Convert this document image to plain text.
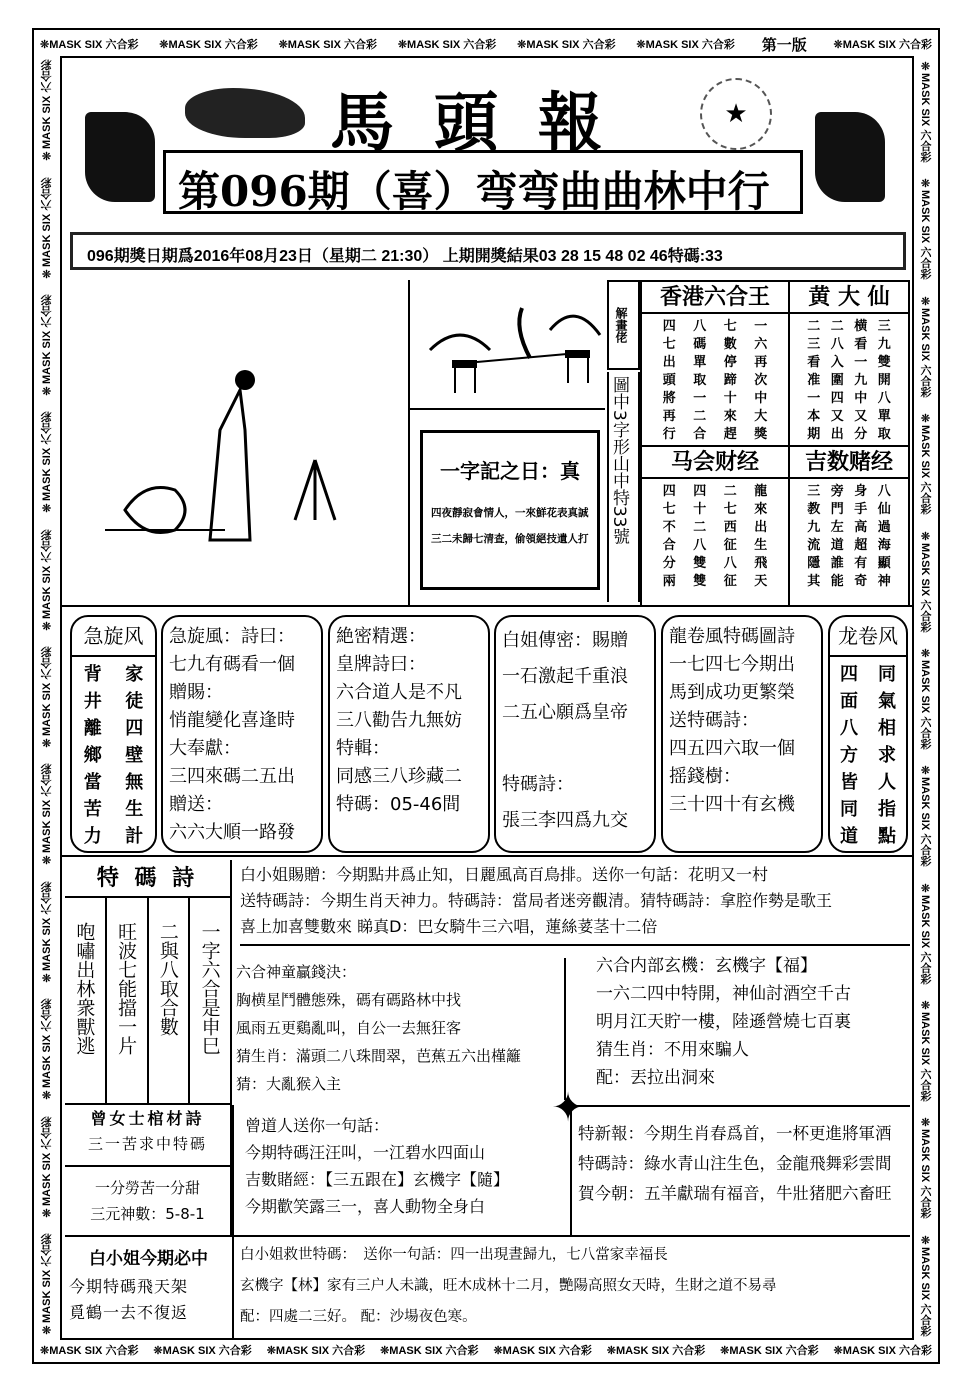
❊MASK SIX 六合彩 ❊MASK SIX 六合彩 ❊MASK SIX 六合彩 ❊MASK SIX 六合彩 ❊MASK SIX 六合彩 ❊MASK SIX 六合彩	第一版	❊MASK SIX 六合彩
❊MASK SIX 六合彩 ❊MASK SIX 六合彩 ❊MASK SIX 六合彩 ❊MASK SIX 六合彩 ❊MASK SIX 六合彩 ❊MASK SIX 六合彩 ❊MASK SIX 六合彩 ❊MASK SIX 六合彩
❊MASK SIX 六合彩
❊MASK SIX 六合彩
❊MASK SIX 六合彩
❊MASK SIX 六合彩
❊MASK SIX 六合彩
❊MASK SIX 六合彩
❊MASK SIX 六合彩
❊MASK SIX 六合彩
❊MASK SIX 六合彩
❊MASK SIX 六合彩
❊MASK SIX 六合彩	❊MASK SIX 六合彩
❊MASK SIX 六合彩
❊MASK SIX 六合彩
❊MASK SIX 六合彩
❊MASK SIX 六合彩
❊MASK SIX 六合彩
❊MASK SIX 六合彩
❊MASK SIX 六合彩
❊MASK SIX 六合彩
❊MASK SIX 六合彩
❊MASK SIX 六合彩
馬頭報	★
第096期（喜）弯弯曲曲林中行
096期獎日期爲2016年08月23日（星期二 21:30） 上期開獎結果03 28 15 48 02 46特碼:33
一字記之日：真
四夜靜寂會情人，一來鮮花表真誠
三二未歸七清查，偷領絕技遺人打
解畫佬
圖中3字形山中特33號
香港六合王
四	八	七	一
七	碼	數	六
出	單	停	再
頭	取	蹄	次
將	一	十	中
再	二	來	大
行	合	趕	獎
黄 大 仙
二 二 横 三
三 八 看 九
看 入 一 雙
准 圍 九 開
一 四 中 八
本 又 又 單
期 出 分 取
马会财经
四	四	二	龍
七	十	七	來
不	二	西	出
合	八	征	生
分	雙	八	飛
兩	雙	征	天
吉数赌经
三 旁 身 八
教 門 手 仙
九 左 高 過
流 道 超 海
隱 誰 有 顯
其 能 奇 神
急旋风
背	家
井	徒
離	四
鄉	壁
當	無
苦	生
力	計
急旋風：詩曰：
七九有碼看一個
贈賜：
悄龍變化喜逢時
大奉獻：
三四來碼二五出
贈送：
六六大順一路發
絶密精選：
皇牌詩曰：
六合道人是不凡
三八勸告九無妨
特輯：
同感三八珍藏二
特碼：05-46間
白姐傳密：賜贈
一石激起千重浪
二五心願爲皇帝
特碼詩：
張三李四爲九交
龍卷風特碼圖詩
一七四七今期出
馬到成功更繁榮
送特碼詩：
四五四六取一個
摇錢樹：
三十四十有玄機
龙卷风
四	同
面	氣
八	相
方	求
皆	人
同	指
道	點
特 碼 詩
一字六合是申巳
二與八取合數
旺波七能擋一片
咆嘯出林衆獸逃
白小姐賜贈：今期點井爲止知，日麗風高百鳥排。送你一句話：花明又一村
送特碼詩：今期生肖天神力。特碼詩：當局者迷旁觀清。猜特碼詩：拿腔作勢是歌王
喜上加喜雙數來 睇真D：巴女騎牛三六唱，蓮絲荽茎十二倍
六合神童贏錢決：
胸横星鬥體態殊，碼有碼路林中找
風雨五更鷄亂叫，自公一去無狂客
猜生肖：滿頭二八珠間翠，芭蕉五六出槿籬
猜：大亂猴入主
六合内部玄機：玄機字【福】
一六二四中特開，神仙討酒空千古
明月江天貯一樓，陸遜營燒七百裏
猜生肖：不用來騙人
配：丟拉出洞來
曾女士棺材詩
三一苦求中特碼
一分勞苦一分甜
三元神數：5-8-1
曾道人送你一句話：
今期特碼汪汪叫，一江碧水四面山
吉數賭經：【三五跟在】玄機字【隨】
今期歡笑露三一，喜人動物全身白
特新報：今期生肖春爲首，一杯更進將軍酒
特碼詩：綠水青山注生色，金龍飛舞彩雲間
賀今朝：五羊獻瑞有福音，牛壯猪肥六畜旺
✦
白小姐今期必中
今期特碼飛天架
覓鶴一去不復返
白小姐救世特碼：　送你一句話：四一出現晝歸九，七八當家幸福長
玄機字【林】家有三户人未識，旺木成林十二月，艷陽高照女天時，生財之道不易尋
配：四處二三好。 配：沙場夜色寒。
